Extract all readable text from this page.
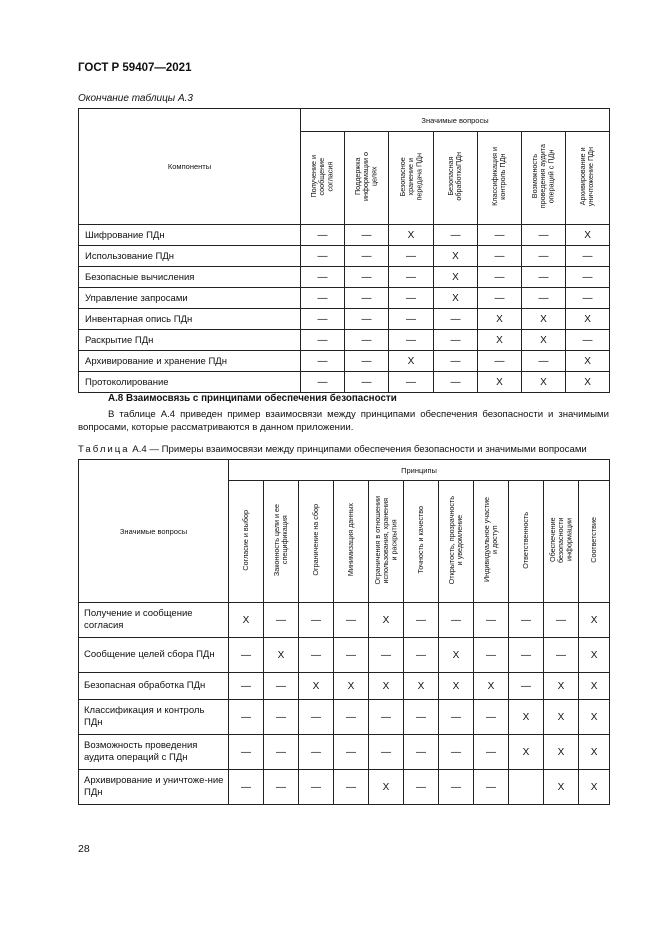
ГОСТ Р 59407—2021
Окончание таблицы А.3
Компоненты	Значимые вопросы						
	Получение и
сообщение
согласия	Поддержка
информации о
целях	Безопасное
хранение и
передача ПДн	Безопасная
обработкаПДн	Классификация и
контроль ПДн	Возможность
проведения аудита
операций с ПДн	Архивирование и
уничтожение ПДн
Шифрование ПДн	—	—	X	—	—	—	X
Использование ПДн	—	—	—	X	—	—	—
Безопасные вычисления	—	—	—	X	—	—	—
Управление запросами	—	—	—	X	—	—	—
Инвентарная опись ПДн	—	—	—	—	X	X	X
Раскрытие ПДн	—	—	—	—	X	X	—
Архивирование и хранение ПДн	—	—	X	—	—	—	X
Протоколирование	—	—	—	—	X	X	X
А.8 Взаимосвязь с принципами обеспечения безопасности
В таблице А.4 приведен пример взаимосвязи между принципами обеспечения безопасности и значимыми вопросами, которые рассматриваются в данном приложении.
Таблица А.4 — Примеры взаимосвязи между принципами обеспечения безопасности и значимыми вопросами
Значимые вопросы	Принципы										
	Согласие и выбор	Законность цели и ее
спецификация	Ограничение на сбор	Минимизация данных	Ограничения в отношении
использования, хранения
и раскрытия	Точность и качество	Открытость, прозрачность
и уведомление	Индивидуальное участие
и доступ	Ответственность	Обеспечение
безопасности информации	Соответствие
Получение и сообщение согласия	X	—	—	—	X	—	—	—	—	—	X
Сообщение целей сбора ПДн	—	X	—	—	—	—	X	—	—	—	X
Безопасная обработка ПДн	—	—	X	X	X	X	X	X	—	X	X
Классификация и контроль ПДн	—	—	—	—	—	—	—	—	X	X	X
Возможность проведения аудита операций с ПДн	—	—	—	—	—	—	—	—	X	X	X
Архивирование и уничтоже-ние ПДн	—	—	—	—	X	—	—	—		X	X
28
